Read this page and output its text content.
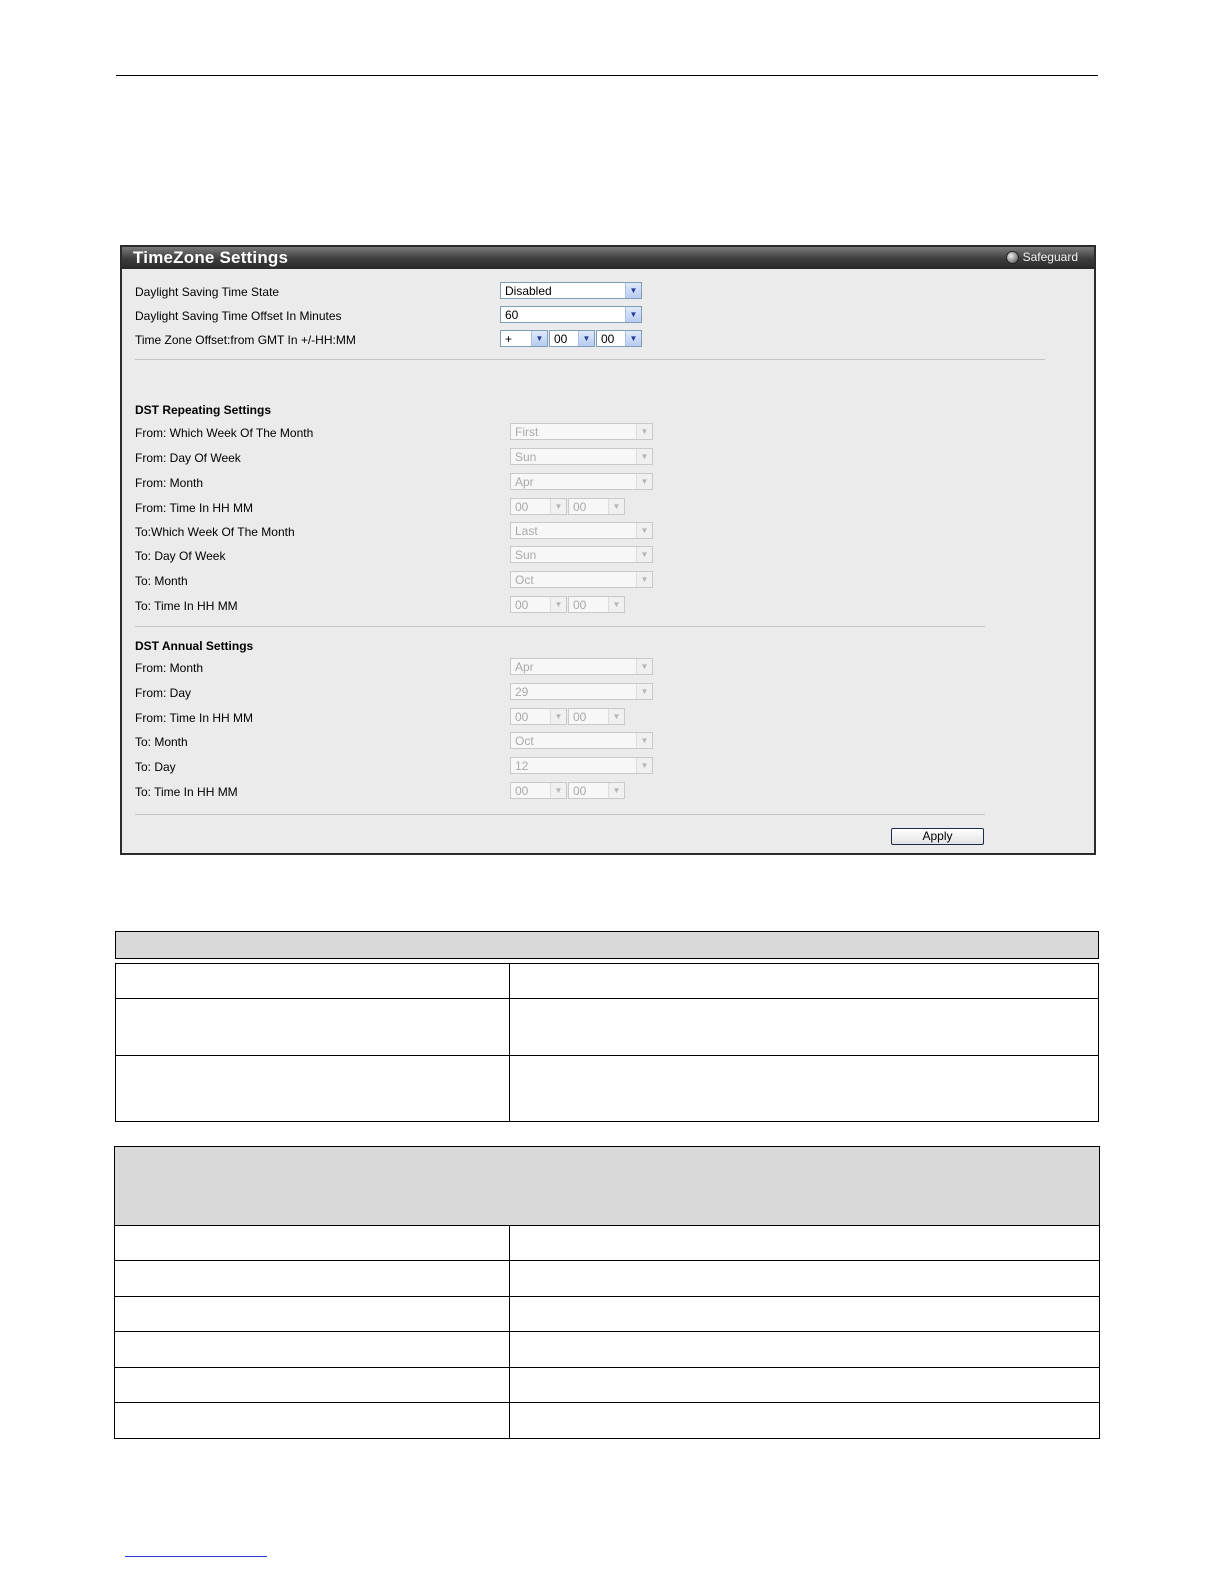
TimeZone Settings	Safeguard
Daylight Saving Time State	Disabled	▼
Daylight Saving Time Offset In Minutes	60	▼
Time Zone Offset:from GMT In +/-HH:MM	+	▼ 00	▼ 00	▼
DST Repeating Settings
From: Which Week Of The Month	First	▼
From: Day Of Week	Sun	▼
From: Month	Apr	▼
From: Time In HH MM	00	▼ 00	▼
To:Which Week Of The Month	Last	▼
To: Day Of Week	Sun	▼
To: Month	Oct	▼
To: Time In HH MM	00	▼ 00	▼
DST Annual Settings
From: Month	Apr	▼
From: Day	29	▼
From: Time In HH MM	00	▼ 00	▼
To: Month	Oct	▼
To: Day	12	▼
To: Time In HH MM	00	▼ 00	▼
Apply
